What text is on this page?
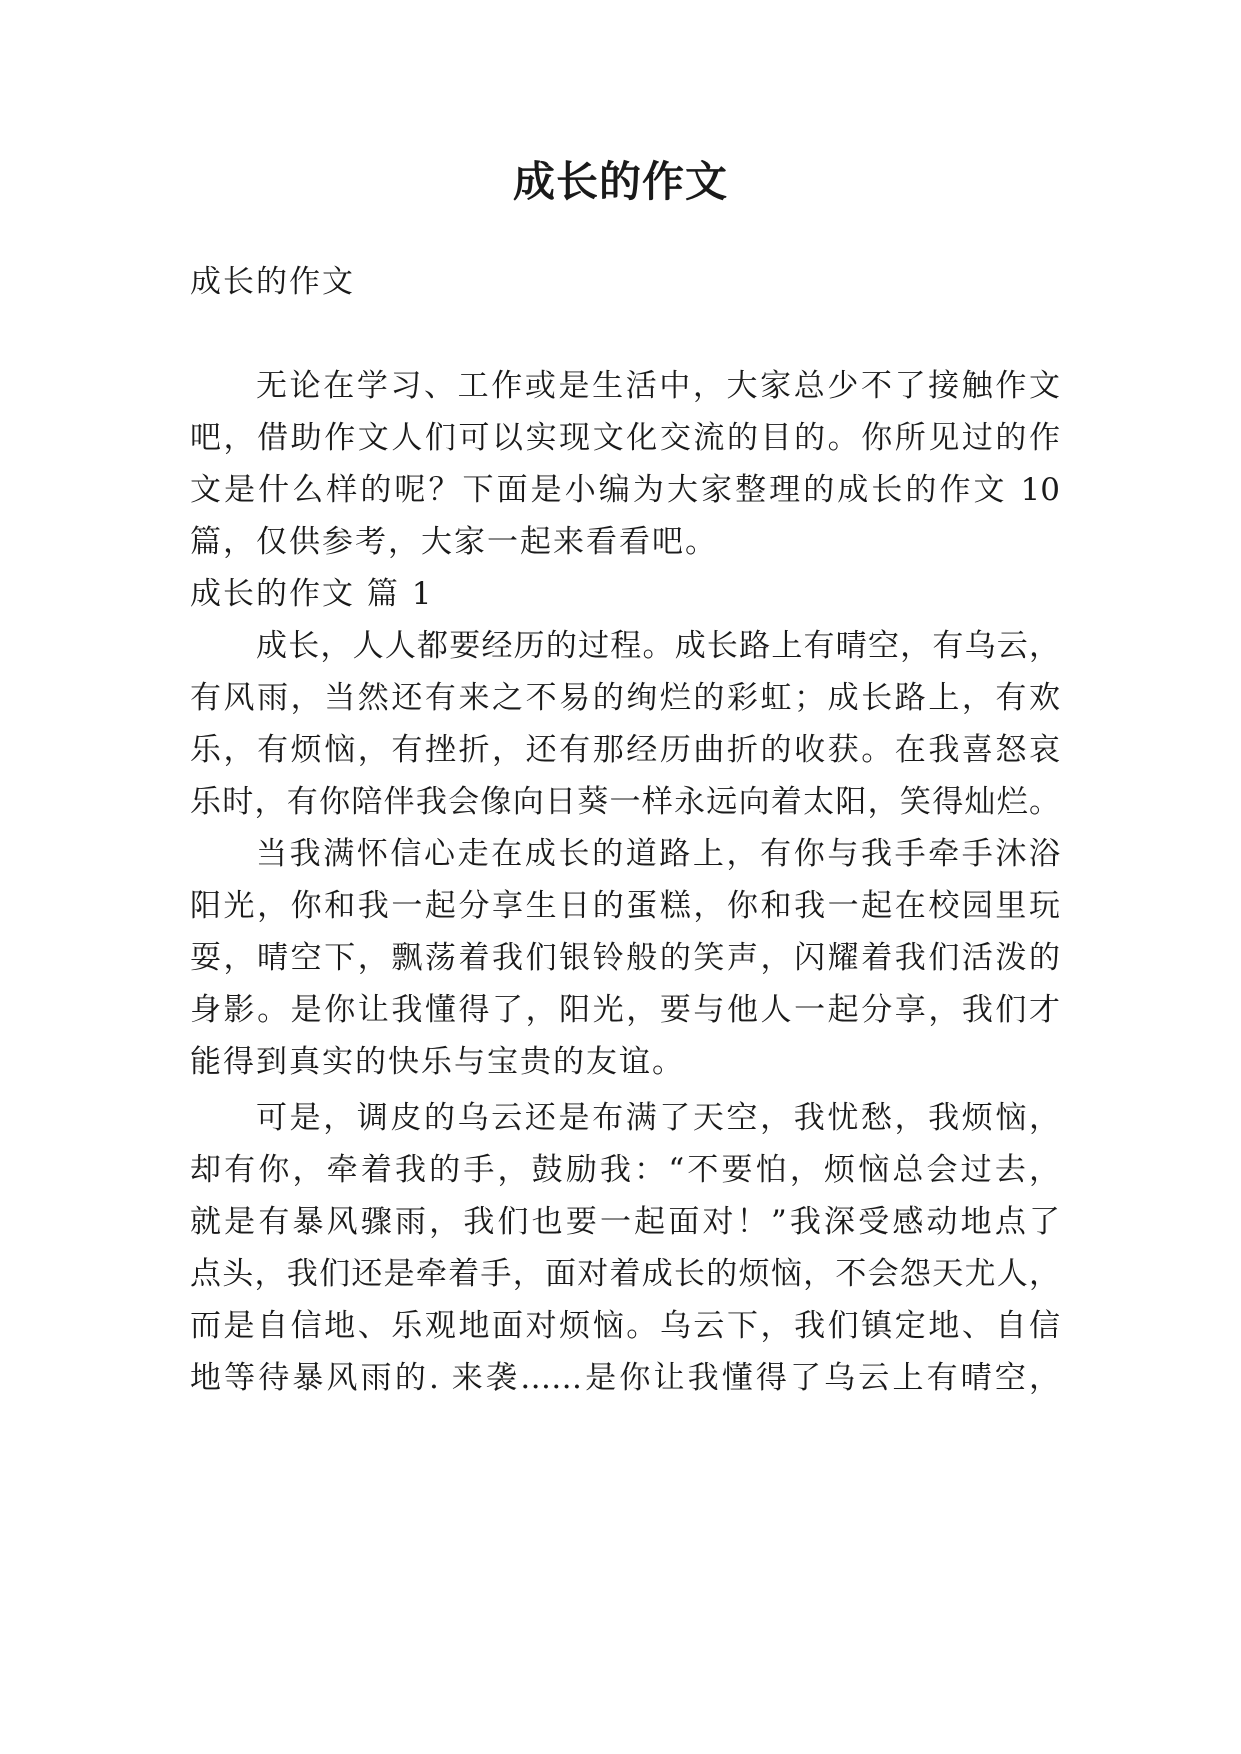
成长的作文
成长的作文
无论在学习、工作或是生活中，大家总少不了接触作文
吧，借助作文人们可以实现文化交流的目的。你所见过的作
文是什么样的呢？下面是小编为大家整理的成长的作文 10
篇，仅供参考，大家一起来看看吧。
成长的作文 篇 1
成长，人人都要经历的过程。成长路上有晴空，有乌云，
有风雨，当然还有来之不易的绚烂的彩虹；成长路上，有欢
乐，有烦恼，有挫折，还有那经历曲折的收获。在我喜怒哀
乐时，有你陪伴我会像向日葵一样永远向着太阳，笑得灿烂。
当我满怀信心走在成长的道路上，有你与我手牵手沐浴
阳光，你和我一起分享生日的蛋糕，你和我一起在校园里玩
耍，晴空下，飘荡着我们银铃般的笑声，闪耀着我们活泼的
身影。是你让我懂得了，阳光，要与他人一起分享，我们才
能得到真实的快乐与宝贵的友谊。
可是，调皮的乌云还是布满了天空，我忧愁，我烦恼，
却有你，牵着我的手，鼓励我：“不要怕，烦恼总会过去，
就是有暴风骤雨，我们也要一起面对！”我深受感动地点了
点头，我们还是牵着手，面对着成长的烦恼，不会怨天尤人，
而是自信地、乐观地面对烦恼。乌云下，我们镇定地、自信
地等待暴风雨的. 来袭……是你让我懂得了乌云上有晴空，
